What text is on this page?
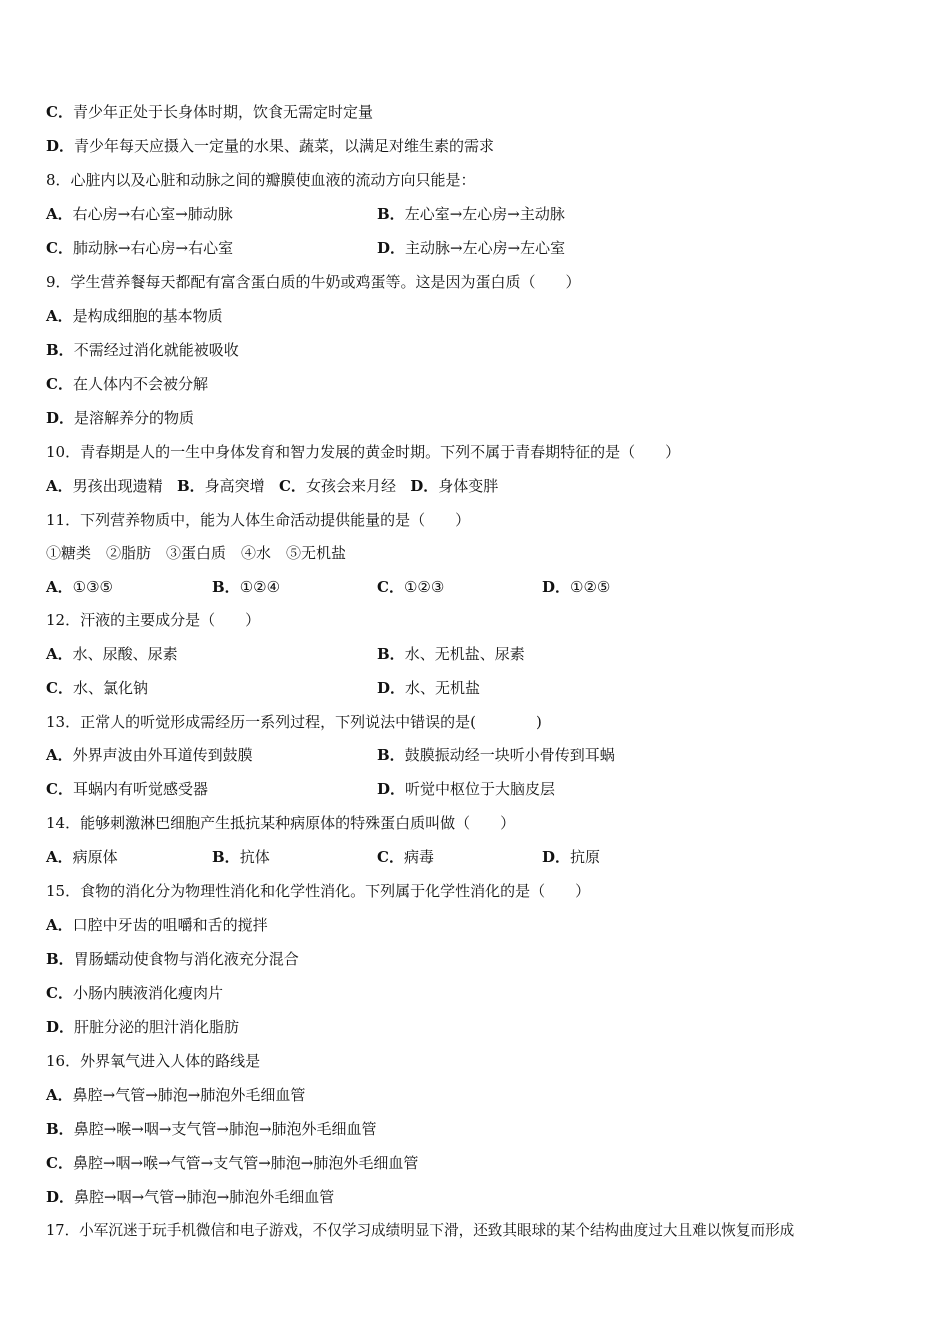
C．青少年正处于长身体时期，饮食无需定时定量
D．青少年每天应摄入一定量的水果、蔬菜，以满足对维生素的需求
8．心脏内以及心脏和动脉之间的瓣膜使血液的流动方向只能是：
A．右心房→右心室→肺动脉	B．左心室→左心房→主动脉
C．肺动脉→右心房→右心室	D．主动脉→左心房→左心室
9．学生营养餐每天都配有富含蛋白质的牛奶或鸡蛋等。这是因为蛋白质（　　）
A．是构成细胞的基本物质
B．不需经过消化就能被吸收
C．在人体内不会被分解
D．是溶解养分的物质
10．青春期是人的一生中身体发育和智力发展的黄金时期。下列不属于青春期特征的是（　　）
A．男孩出现遗精 B．身高突增 C．女孩会来月经 D．身体变胖
11．下列营养物质中，能为人体生命活动提供能量的是（　　）
①糖类　②脂肪　③蛋白质　④水　⑤无机盐
A．①③⑤	B．①②④	C．①②③	D．①②⑤
12．汗液的主要成分是（　　）
A．水、尿酸、尿素	B．水、无机盐、尿素
C．水、氯化钠	D．水、无机盐
13．正常人的听觉形成需经历一系列过程，下列说法中错误的是(　　　　)
A．外界声波由外耳道传到鼓膜	B．鼓膜振动经一块听小骨传到耳蜗
C．耳蜗内有听觉感受器	D．听觉中枢位于大脑皮层
14．能够刺激淋巴细胞产生抵抗某种病原体的特殊蛋白质叫做（　　）
A．病原体	B．抗体	C．病毒	D．抗原
15．食物的消化分为物理性消化和化学性消化。下列属于化学性消化的是（　　）
A．口腔中牙齿的咀嚼和舌的搅拌
B．胃肠蠕动使食物与消化液充分混合
C．小肠内胰液消化瘦肉片
D．肝脏分泌的胆汁消化脂肪
16．外界氧气进入人体的路线是
A．鼻腔→气管→肺泡→肺泡外毛细血管
B．鼻腔→喉→咽→支气管→肺泡→肺泡外毛细血管
C．鼻腔→咽→喉→气管→支气管→肺泡→肺泡外毛细血管
D．鼻腔→咽→气管→肺泡→肺泡外毛细血管
17．小军沉迷于玩手机微信和电子游戏，不仅学习成绩明显下滑，还致其眼球的某个结构曲度过大且难以恢复而形成
